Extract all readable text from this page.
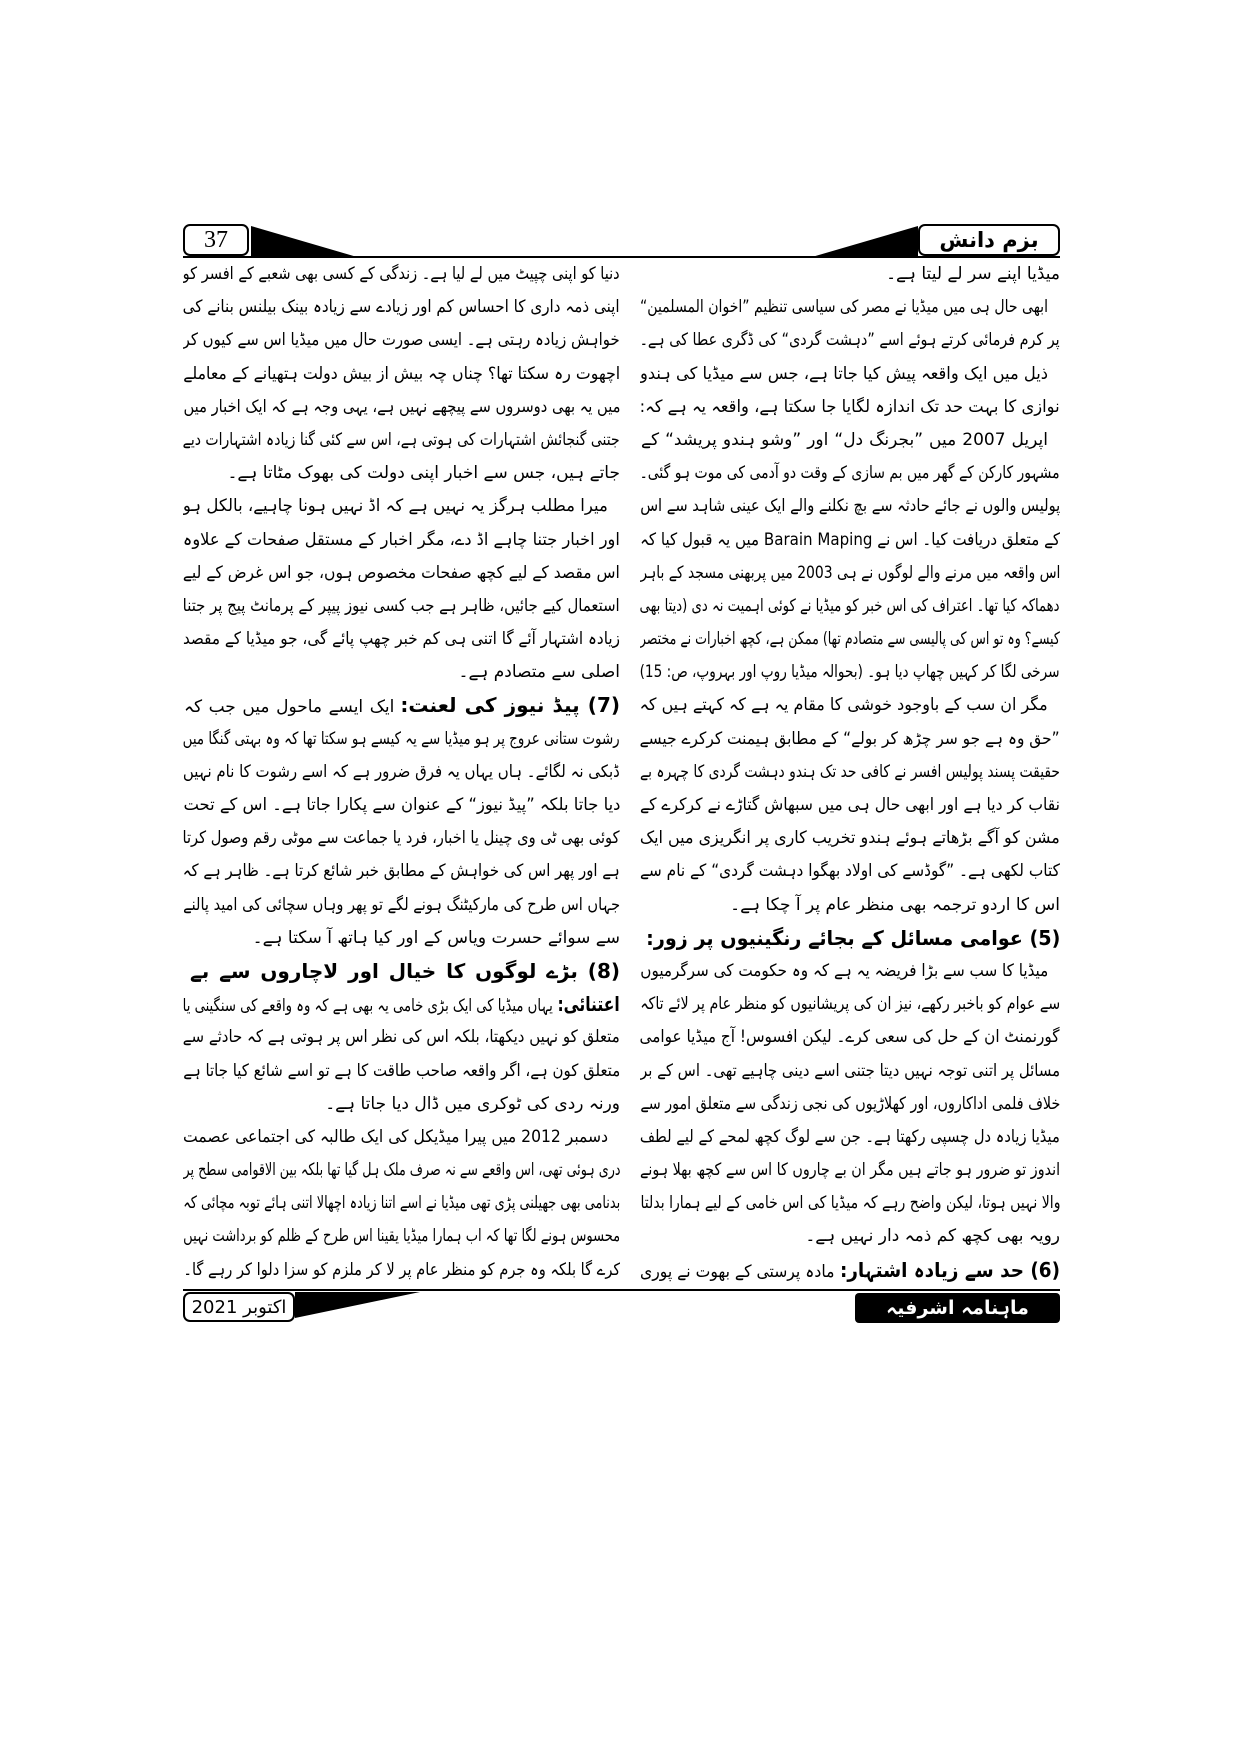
37	بزم دانش
میڈیا اپنے سر لے لیتا ہے۔
ابھی حال ہی میں میڈیا نے مصر کی سیاسی تنظیم ”اخوان المسلمین“
پر کرم فرمائی کرتے ہوئے اسے ”دہشت گردی“ کی ڈگری عطا کی ہے۔
ذیل میں ایک واقعہ پیش کیا جاتا ہے، جس سے میڈیا کی ہندو
نوازی کا بہت حد تک اندازہ لگایا جا سکتا ہے، واقعہ یہ ہے کہ:
اپریل 2007 میں ”بجرنگ دل“ اور ”وشو ہندو پریشد“ کے
مشہور کارکن کے گھر میں بم سازی کے وقت دو آدمی کی موت ہو گئی۔
پولیس والوں نے جائے حادثہ سے بچ نکلنے والے ایک عینی شاہد سے اس
کے متعلق دریافت کیا۔ اس نے Barain Maping میں یہ قبول کیا کہ
اس واقعہ میں مرنے والے لوگوں نے ہی 2003 میں پربھنی مسجد کے باہر
دھماکہ کیا تھا۔ اعتراف کی اس خبر کو میڈیا نے کوئی اہمیت نہ دی (دیتا بھی
کیسے؟ وہ تو اس کی پالیسی سے متصادم تھا) ممکن ہے، کچھ اخبارات نے مختصر
سرخی لگا کر کہیں چھاپ دیا ہو۔ (بحوالہ میڈیا روپ اور بہروپ، ص: 15)
مگر ان سب کے باوجود خوشی کا مقام یہ ہے کہ کہتے ہیں کہ
”حق وہ ہے جو سر چڑھ کر بولے“ کے مطابق ہیمنت کرکرے جیسے
حقیقت پسند پولیس افسر نے کافی حد تک ہندو دہشت گردی کا چہرہ بے
نقاب کر دیا ہے اور ابھی حال ہی میں سبھاش گتاڑے نے کرکرے کے
مشن کو آگے بڑھاتے ہوئے ہندو تخریب کاری پر انگریزی میں ایک
کتاب لکھی ہے۔ ”گوڈسے کی اولاد بھگوا دہشت گردی“ کے نام سے
اس کا اردو ترجمہ بھی منظر عام پر آ چکا ہے۔
(5) عوامی مسائل کے بجائے رنگینیوں پر زور:
میڈیا کا سب سے بڑا فریضہ یہ ہے کہ وہ حکومت کی سرگرمیوں
سے عوام کو باخبر رکھے، نیز ان کی پریشانیوں کو منظر عام پر لائے تاکہ
گورنمنٹ ان کے حل کی سعی کرے۔ لیکن افسوس! آج میڈیا عوامی
مسائل پر اتنی توجہ نہیں دیتا جتنی اسے دینی چاہیے تھی۔ اس کے بر
خلاف فلمی اداکاروں، اور کھلاڑیوں کی نجی زندگی سے متعلق امور سے
میڈیا زیادہ دل چسپی رکھتا ہے۔ جن سے لوگ کچھ لمحے کے لیے لطف
اندوز تو ضرور ہو جاتے ہیں مگر ان بے چاروں کا اس سے کچھ بھلا ہونے
والا نہیں ہوتا، لیکن واضح رہے کہ میڈیا کی اس خامی کے لیے ہمارا بدلتا
رویہ بھی کچھ کم ذمہ دار نہیں ہے۔
(6) حد سے زیادہ اشتہار:مادہ پرستی کے بھوت نے پوری
دنیا کو اپنی چپیٹ میں لے لیا ہے۔ زندگی کے کسی بھی شعبے کے افسر کو
اپنی ذمہ داری کا احساس کم اور زیادے سے زیادہ بینک بیلنس بنانے کی
خواہش زیادہ رہتی ہے۔ ایسی صورت حال میں میڈیا اس سے کیوں کر
اچھوت رہ سکتا تھا؟ چناں چہ بیش از بیش دولت ہتھیانے کے معاملے
میں یہ بھی دوسروں سے پیچھے نہیں ہے، یہی وجہ ہے کہ ایک اخبار میں
جتنی گنجائش اشتہارات کی ہوتی ہے، اس سے کئی گنا زیادہ اشتہارات دیے
جاتے ہیں، جس سے اخبار اپنی دولت کی بھوک مٹاتا ہے۔
میرا مطلب ہرگز یہ نہیں ہے کہ اڈ نہیں ہونا چاہیے، بالکل ہو
اور اخبار جتنا چاہے اڈ دے، مگر اخبار کے مستقل صفحات کے علاوہ
اس مقصد کے لیے کچھ صفحات مخصوص ہوں، جو اس غرض کے لیے
استعمال کیے جائیں، ظاہر ہے جب کسی نیوز پیپر کے پرمانٹ پیج پر جتنا
زیادہ اشتہار آئے گا اتنی ہی کم خبر چھپ پائے گی، جو میڈیا کے مقصد
اصلی سے متصادم ہے۔
(7) پیڈ نیوز کی لعنت:ایک ایسے ماحول میں جب کہ
رشوت ستانی عروج پر ہو میڈیا سے یہ کیسے ہو سکتا تھا کہ وہ بہتی گنگا میں
ڈبکی نہ لگائے۔ ہاں یہاں یہ فرق ضرور ہے کہ اسے رشوت کا نام نہیں
دیا جاتا بلکہ ”پیڈ نیوز“ کے عنوان سے پکارا جاتا ہے۔ اس کے تحت
کوئی بھی ٹی وی چینل یا اخبار، فرد یا جماعت سے موٹی رقم وصول کرتا
ہے اور پھر اس کی خواہش کے مطابق خبر شائع کرتا ہے۔ ظاہر ہے کہ
جہاں اس طرح کی مارکیٹنگ ہونے لگے تو پھر وہاں سچائی کی امید پالنے
سے سوائے حسرت ویاس کے اور کیا ہاتھ آ سکتا ہے۔
(8) بڑے لوگوں کا خیال اور لاچاروں سے بے
اعتنائی:یہاں میڈیا کی ایک بڑی خامی یہ بھی ہے کہ وہ واقعے کی سنگینی یا
متعلق کو نہیں دیکھتا، بلکہ اس کی نظر اس پر ہوتی ہے کہ حادثے سے
متعلق کون ہے، اگر واقعہ صاحب طاقت کا ہے تو اسے شائع کیا جاتا ہے
ورنہ ردی کی ٹوکری میں ڈال دیا جاتا ہے۔
دسمبر 2012 میں پیرا میڈیکل کی ایک طالبہ کی اجتماعی عصمت
دری ہوئی تھی، اس واقعے سے نہ صرف ملک ہل گیا تھا بلکہ بین الاقوامی سطح پر
بدنامی بھی جھیلنی پڑی تھی میڈیا نے اسے اتنا زیادہ اچھالا اتنی ہائے توبہ مچائی کہ
محسوس ہونے لگا تھا کہ اب ہمارا میڈیا یقینا اس طرح کے ظلم کو برداشت نہیں
کرے گا بلکہ وہ جرم کو منظر عام پر لا کر ملزم کو سزا دلوا کر رہے گا۔
اکتوبر 2021	ماہنامہ اشرفیہ
